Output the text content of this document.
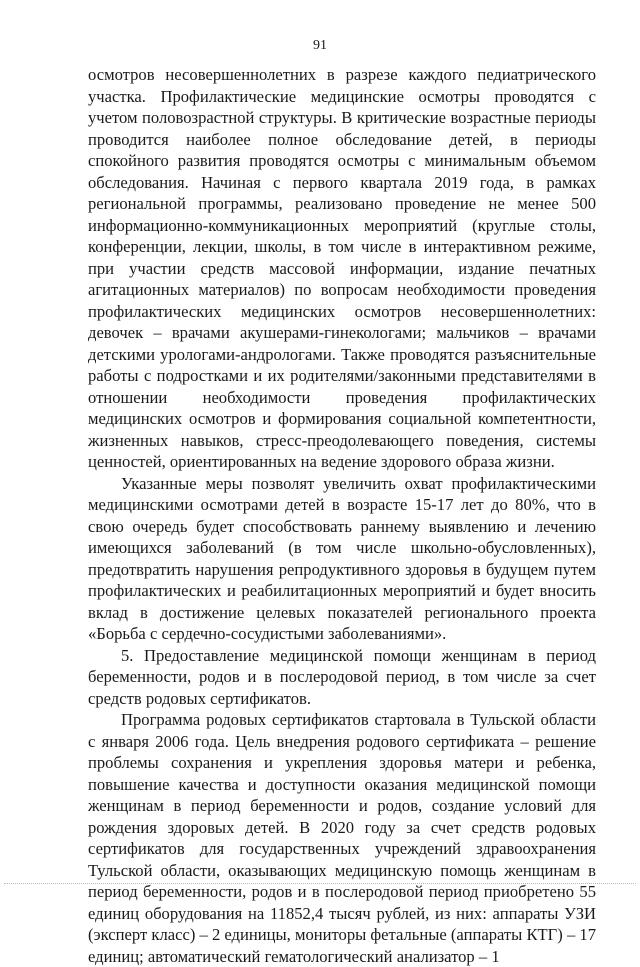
91

осмотров несовершеннолетних в разрезе каждого педиатрического участка. Профилактические медицинские осмотры проводятся с учетом половозрастной структуры. В критические возрастные периоды проводится наиболее полное обследование детей, в периоды спокойного развития проводятся осмотры с минимальным объемом обследования. Начиная с первого квартала 2019 года, в рамках региональной программы, реализовано проведение не менее 500 информационно-коммуникационных мероприятий (круглые столы, конференции, лекции, школы, в том числе в интерактивном режиме, при участии средств массовой информации, издание печатных агитационных материалов) по вопросам необходимости проведения профилактических медицинских осмотров несовершеннолетних: девочек – врачами акушерами-гинекологами; мальчиков – врачами детскими урологами-андрологами. Также проводятся разъяснительные работы с подростками и их родителями/законными представителями в отношении необходимости проведения профилактических медицинских осмотров и формирования социальной компетентности, жизненных навыков, стресс-преодолевающего поведения, системы ценностей, ориентированных на ведение здорового образа жизни.

Указанные меры позволят увеличить охват профилактическими медицинскими осмотрами детей в возрасте 15-17 лет до 80%, что в свою очередь будет способствовать раннему выявлению и лечению имеющихся заболеваний (в том числе школьно-обусловленных), предотвратить нарушения репродуктивного здоровья в будущем путем профилактических и реабилитационных мероприятий и будет вносить вклад в достижение целевых показателей регионального проекта «Борьба с сердечно-сосудистыми заболеваниями».

5. Предоставление медицинской помощи женщинам в период беременности, родов и в послеродовой период, в том числе за счет средств родовых сертификатов.

Программа родовых сертификатов стартовала в Тульской области с января 2006 года. Цель внедрения родового сертификата – решение проблемы сохранения и укрепления здоровья матери и ребенка, повышение качества и доступности оказания медицинской помощи женщинам в период беременности и родов, создание условий для рождения здоровых детей. В 2020 году за счет средств родовых сертификатов для государственных учреждений здравоохранения Тульской области, оказывающих медицинскую помощь женщинам в период беременности, родов и в послеродовой период приобретено 55 единиц оборудования на 11852,4 тысяч рублей, из них: аппараты УЗИ (эксперт класс) – 2 единицы, мониторы фетальные (аппараты КТГ) – 17 единиц; автоматический гематологический анализатор – 1
